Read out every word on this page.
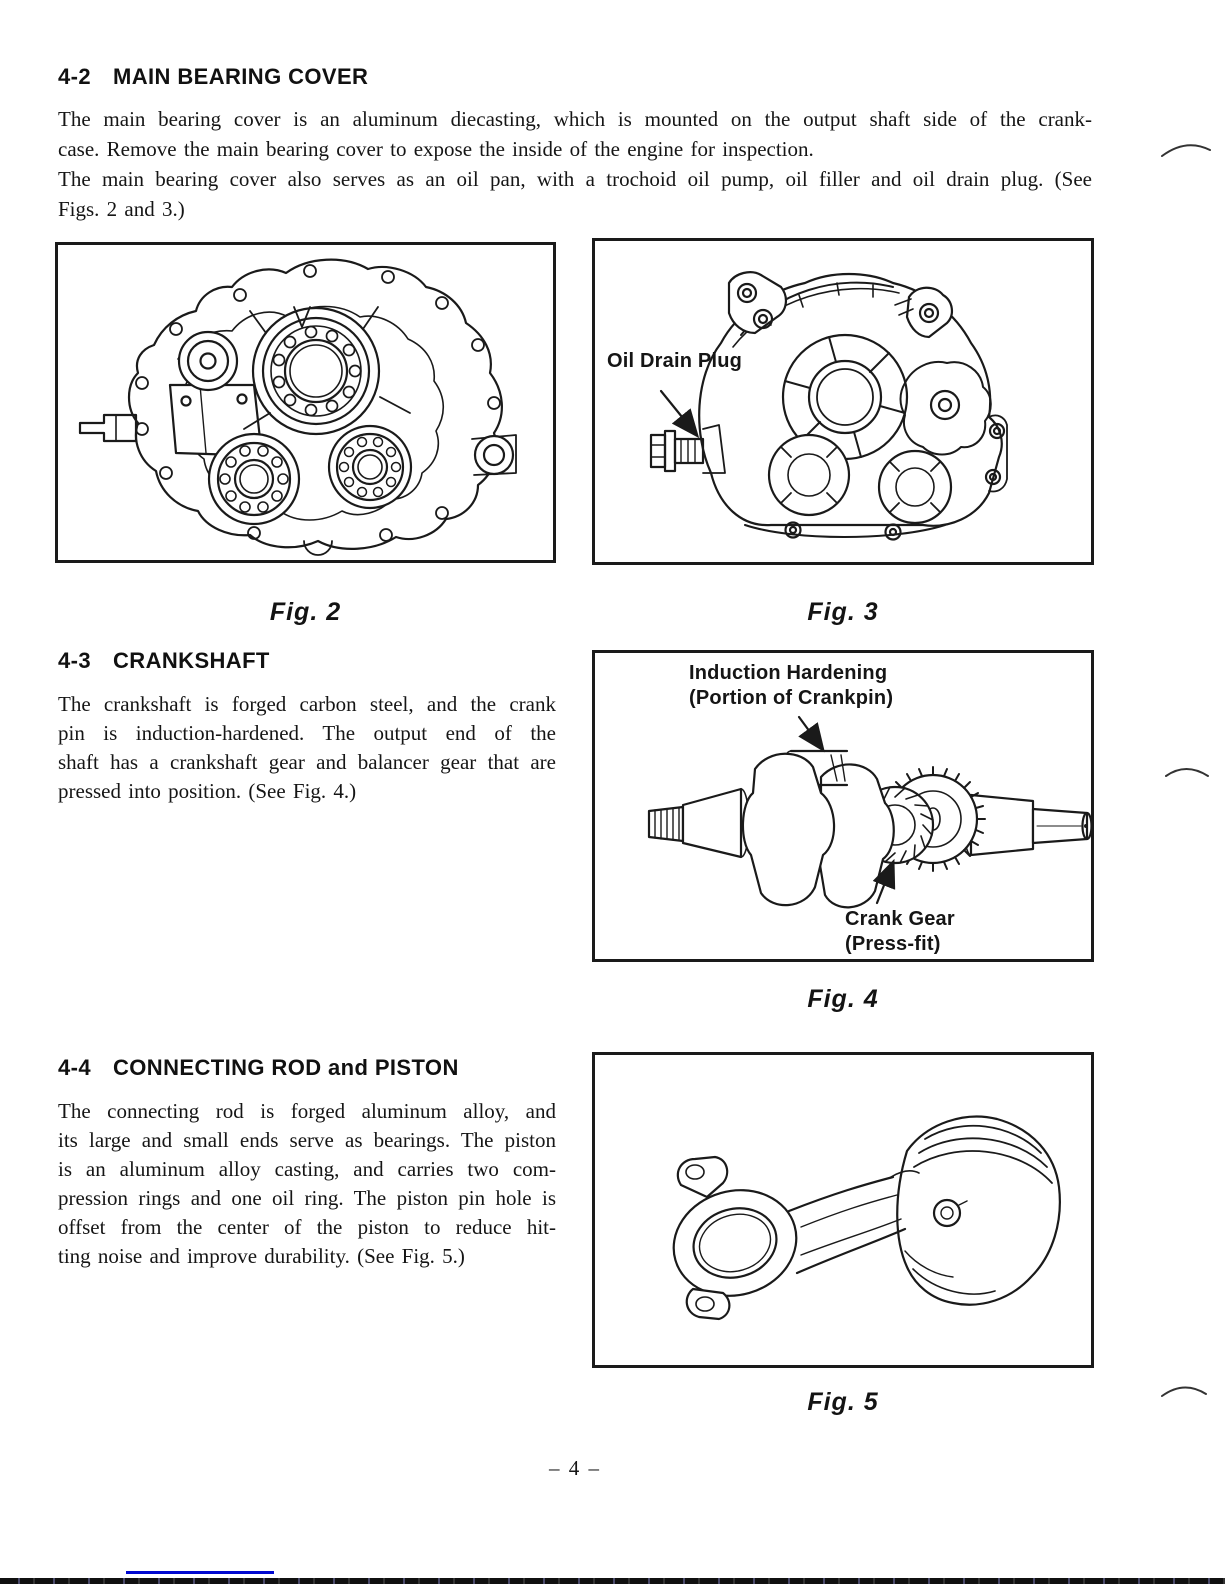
4-2 MAIN BEARING COVER
The main bearing cover is an aluminum diecasting, which is mounted on the output shaft side of the crank-
case. Remove the main bearing cover to expose the inside of the engine for inspection.
The main bearing cover also serves as an oil pan, with a trochoid oil pump, oil filler and oil drain plug. (See
Figs. 2 and 3.)
Fig. 2
Oil Drain Plug
Fig. 3
4-3 CRANKSHAFT
The crankshaft is forged carbon steel, and the crank
pin is induction-hardened. The output end of the
shaft has a crankshaft gear and balancer gear that are
pressed into position. (See Fig. 4.)
Induction Hardening
(Portion of Crankpin)
Crank Gear
(Press-fit)
Fig. 4
4-4 CONNECTING ROD and PISTON
The connecting rod is forged aluminum alloy, and
its large and small ends serve as bearings. The piston
is an aluminum alloy casting, and carries two com-
pression rings and one oil ring. The piston pin hole is
offset from the center of the piston to reduce hit-
ting noise and improve durability. (See Fig. 5.)
Fig. 5
– 4 –
